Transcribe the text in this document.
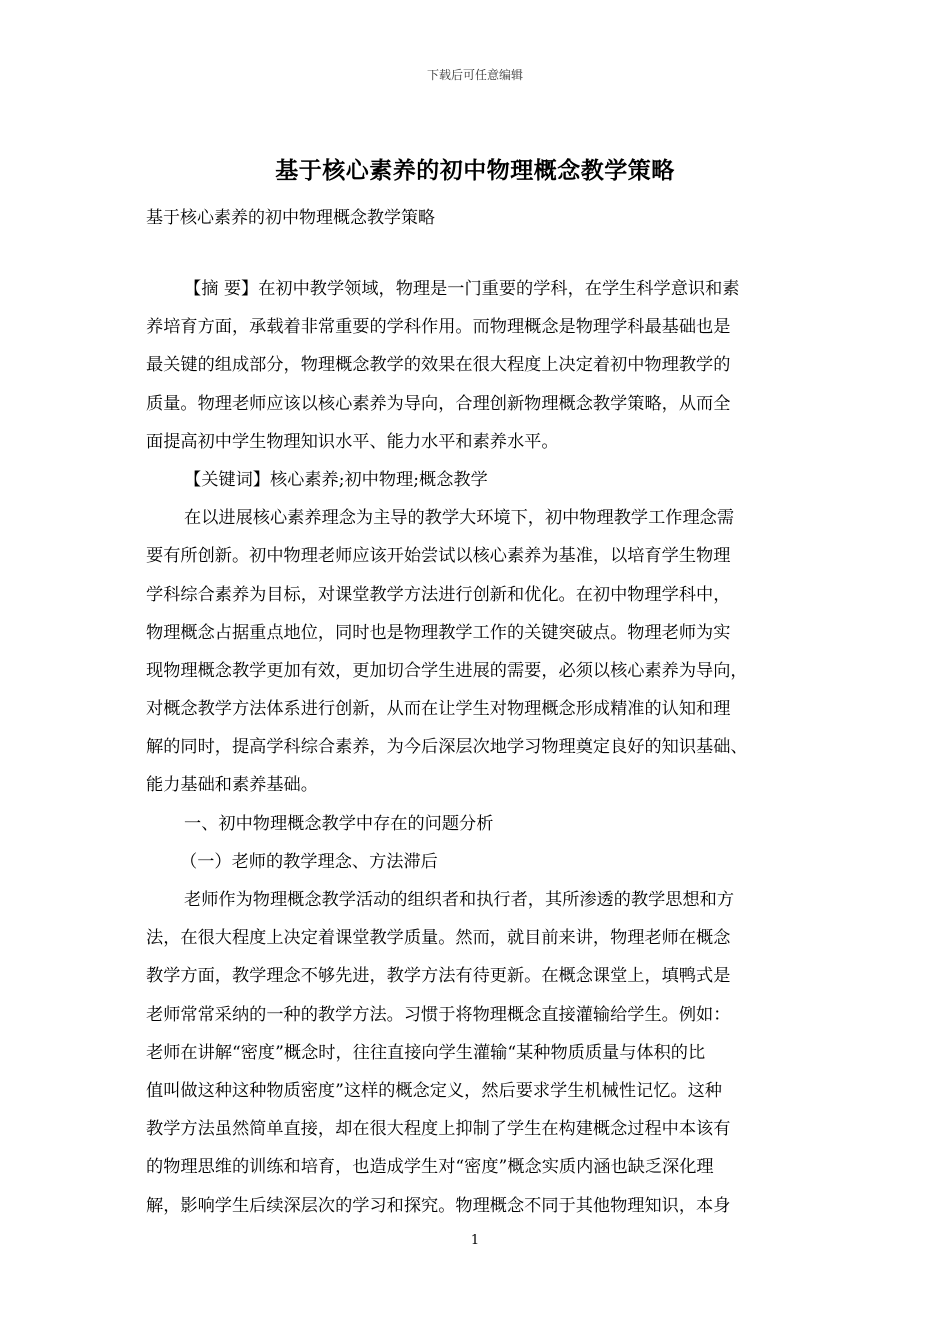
下载后可任意编辑
基于核心素养的初中物理概念教学策略
基于核心素养的初中物理概念教学策略
【摘 要】在初中教学领域，物理是一门重要的学科，在学生科学意识和素
养培育方面，承载着非常重要的学科作用。而物理概念是物理学科最基础也是
最关键的组成部分，物理概念教学的效果在很大程度上决定着初中物理教学的
质量。物理老师应该以核心素养为导向，合理创新物理概念教学策略，从而全
面提高初中学生物理知识水平、能力水平和素养水平。
【关键词】核心素养;初中物理;概念教学
在以进展核心素养理念为主导的教学大环境下，初中物理教学工作理念需
要有所创新。初中物理老师应该开始尝试以核心素养为基准，以培育学生物理
学科综合素养为目标，对课堂教学方法进行创新和优化。在初中物理学科中，
物理概念占据重点地位，同时也是物理教学工作的关键突破点。物理老师为实
现物理概念教学更加有效，更加切合学生进展的需要，必须以核心素养为导向，
对概念教学方法体系进行创新，从而在让学生对物理概念形成精准的认知和理
解的同时，提高学科综合素养，为今后深层次地学习物理奠定良好的知识基础、
能力基础和素养基础。
一、初中物理概念教学中存在的问题分析
（一）老师的教学理念、方法滞后
老师作为物理概念教学活动的组织者和执行者，其所渗透的教学思想和方
法，在很大程度上决定着课堂教学质量。然而，就目前来讲，物理老师在概念
教学方面，教学理念不够先进，教学方法有待更新。在概念课堂上，填鸭式是
老师常常采纳的一种的教学方法。习惯于将物理概念直接灌输给学生。例如：
老师在讲解“密度”概念时，往往直接向学生灌输“某种物质质量与体积的比
值叫做这种这种物质密度”这样的概念定义，然后要求学生机械性记忆。这种
教学方法虽然简单直接，却在很大程度上抑制了学生在构建概念过程中本该有
的物理思维的训练和培育，也造成学生对“密度”概念实质内涵也缺乏深化理
解，影响学生后续深层次的学习和探究。物理概念不同于其他物理知识，本身
1
